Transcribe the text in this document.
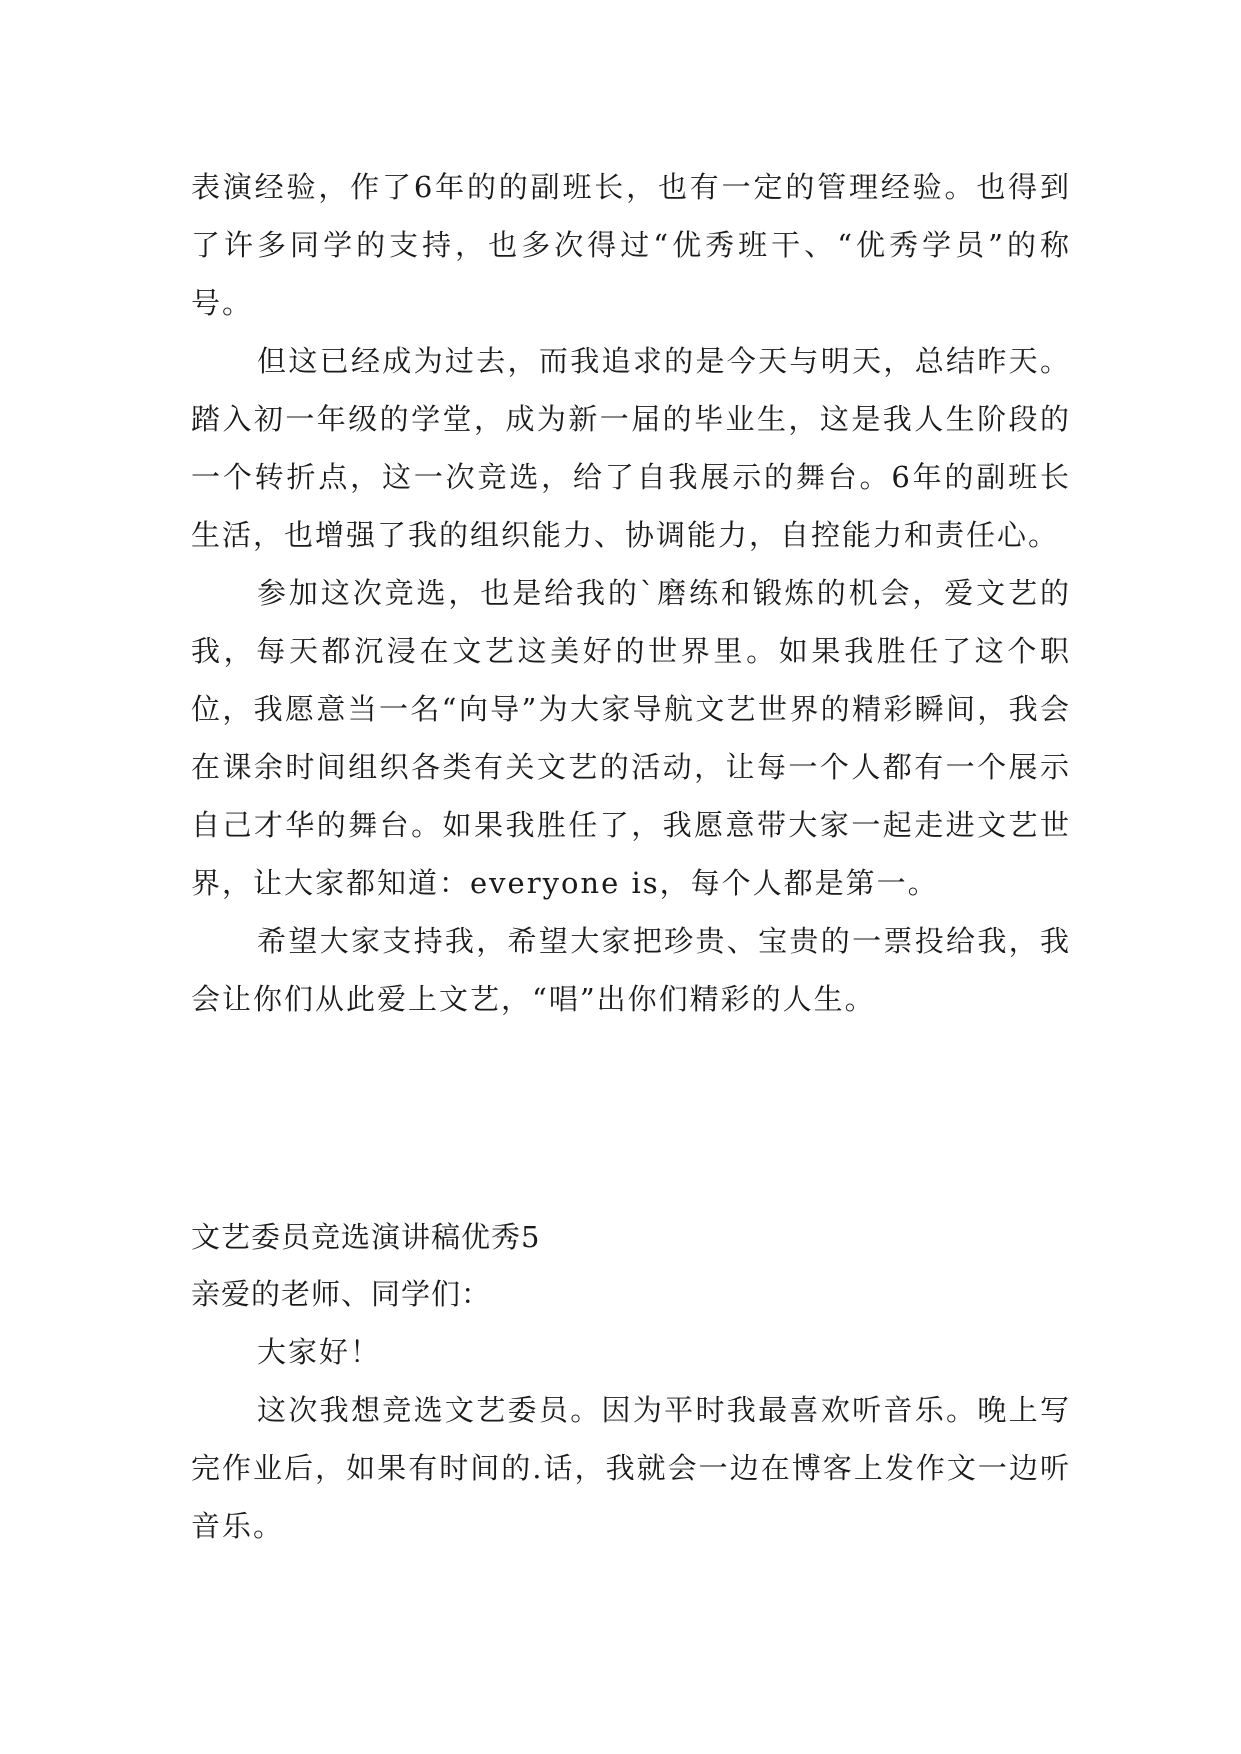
表演经验，作了6年的的副班长，也有一定的管理经验。也得到了许多同学的支持，也多次得过“优秀班干、“优秀学员”的称号。

但这已经成为过去，而我追求的是今天与明天，总结昨天。踏入初一年级的学堂，成为新一届的毕业生，这是我人生阶段的一个转折点，这一次竞选，给了自我展示的舞台。6年的副班长生活，也增强了我的组织能力、协调能力，自控能力和责任心。

参加这次竞选，也是给我的`磨练和锻炼的机会，爱文艺的我，每天都沉浸在文艺这美好的世界里。如果我胜任了这个职位，我愿意当一名“向导”为大家导航文艺世界的精彩瞬间，我会在课余时间组织各类有关文艺的活动，让每一个人都有一个展示自己才华的舞台。如果我胜任了，我愿意带大家一起走进文艺世界，让大家都知道：everyone is，每个人都是第一。

希望大家支持我，希望大家把珍贵、宝贵的一票投给我，我会让你们从此爱上文艺，“唱”出你们精彩的人生。

文艺委员竞选演讲稿优秀5

亲爱的老师、同学们：

大家好！

这次我想竞选文艺委员。因为平时我最喜欢听音乐。晚上写完作业后，如果有时间的.话，我就会一边在博客上发作文一边听音乐。
